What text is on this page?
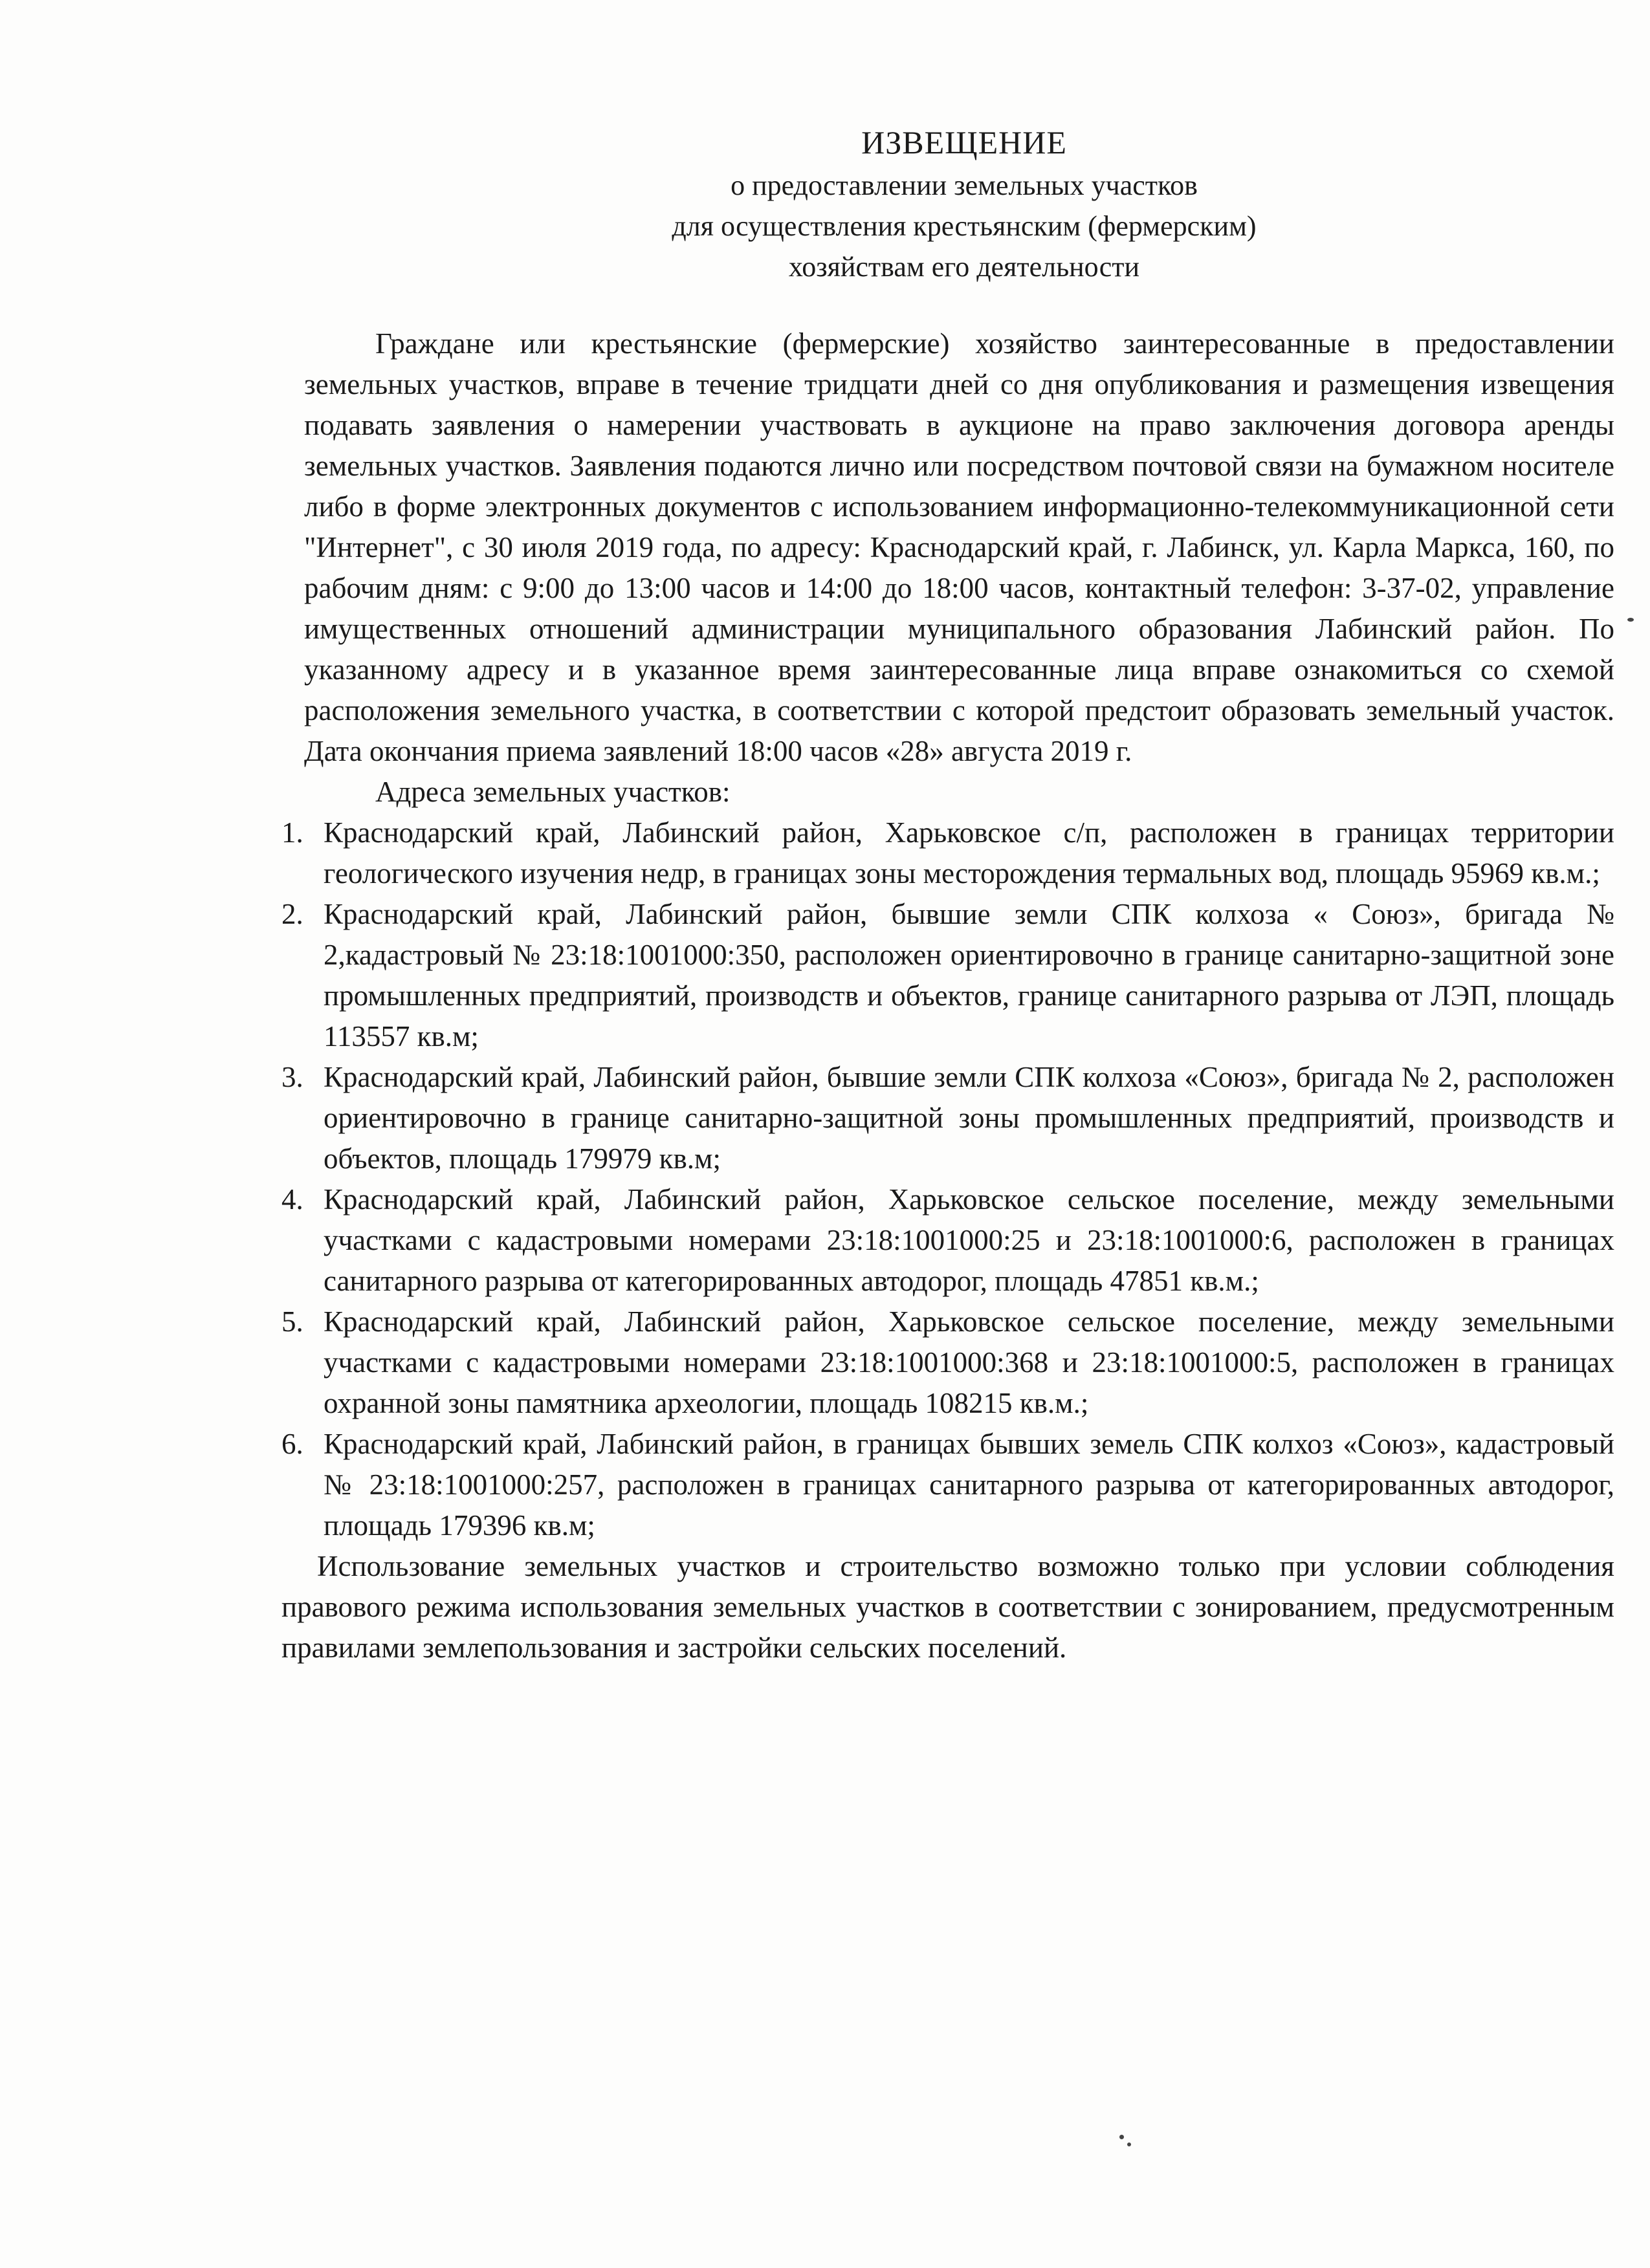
ИЗВЕЩЕНИЕ
о предоставлении земельных участков
для осуществления крестьянским (фермерским)
хозяйствам его деятельности

Граждане или крестьянские (фермерские) хозяйство заинтересованные в предоставлении земельных участков, вправе в течение тридцати дней со дня опубликования и размещения извещения подавать заявления о намерении участвовать в аукционе на право заключения договора аренды земельных участков. Заявления подаются лично или посредством почтовой связи на бумажном носителе либо в форме электронных документов с использованием информационно-телекоммуникационной сети "Интернет", с 30 июля 2019 года, по адресу: Краснодарский край, г. Лабинск, ул. Карла Маркса, 160, по рабочим дням: с 9:00 до 13:00 часов и 14:00 до 18:00 часов, контактный телефон: 3-37-02, управление имущественных отношений администрации муниципального образования Лабинский район. По указанному адресу и в указанное время заинтересованные лица вправе ознакомиться со схемой расположения земельного участка, в соответствии с которой предстоит образовать земельный участок. Дата окончания приема заявлений 18:00 часов «28» августа 2019 г.

Адреса земельных участков:

1. Краснодарский край, Лабинский район, Харьковское с/п, расположен в границах территории геологического изучения недр, в границах зоны месторождения термальных вод, площадь 95969 кв.м.;
2. Краснодарский край, Лабинский район, бывшие земли СПК колхоза « Союз», бригада № 2,кадастровый № 23:18:1001000:350, расположен ориентировочно в границе санитарно-защитной зоне промышленных предприятий, производств и объектов, границе санитарного разрыва от ЛЭП, площадь 113557 кв.м;
3. Краснодарский край, Лабинский район, бывшие земли СПК колхоза «Союз», бригада № 2, расположен ориентировочно в границе санитарно-защитной зоны промышленных предприятий, производств и объектов, площадь 179979 кв.м;
4. Краснодарский край, Лабинский район, Харьковское сельское поселение, между земельными участками с кадастровыми номерами 23:18:1001000:25 и 23:18:1001000:6, расположен в границах санитарного разрыва от категорированных автодорог, площадь 47851 кв.м.;
5. Краснодарский край, Лабинский район, Харьковское сельское поселение, между земельными участками с кадастровыми номерами 23:18:1001000:368 и 23:18:1001000:5, расположен в границах охранной зоны памятника археологии, площадь 108215 кв.м.;
6. Краснодарский край, Лабинский район, в границах бывших земель СПК колхоз «Союз», кадастровый № 23:18:1001000:257, расположен в границах санитарного разрыва от категорированных автодорог, площадь 179396 кв.м;

Использование земельных участков и строительство возможно только при условии соблюдения правового режима использования земельных участков в соответствии с зонированием, предусмотренным правилами землепользования и застройки сельских поселений.
